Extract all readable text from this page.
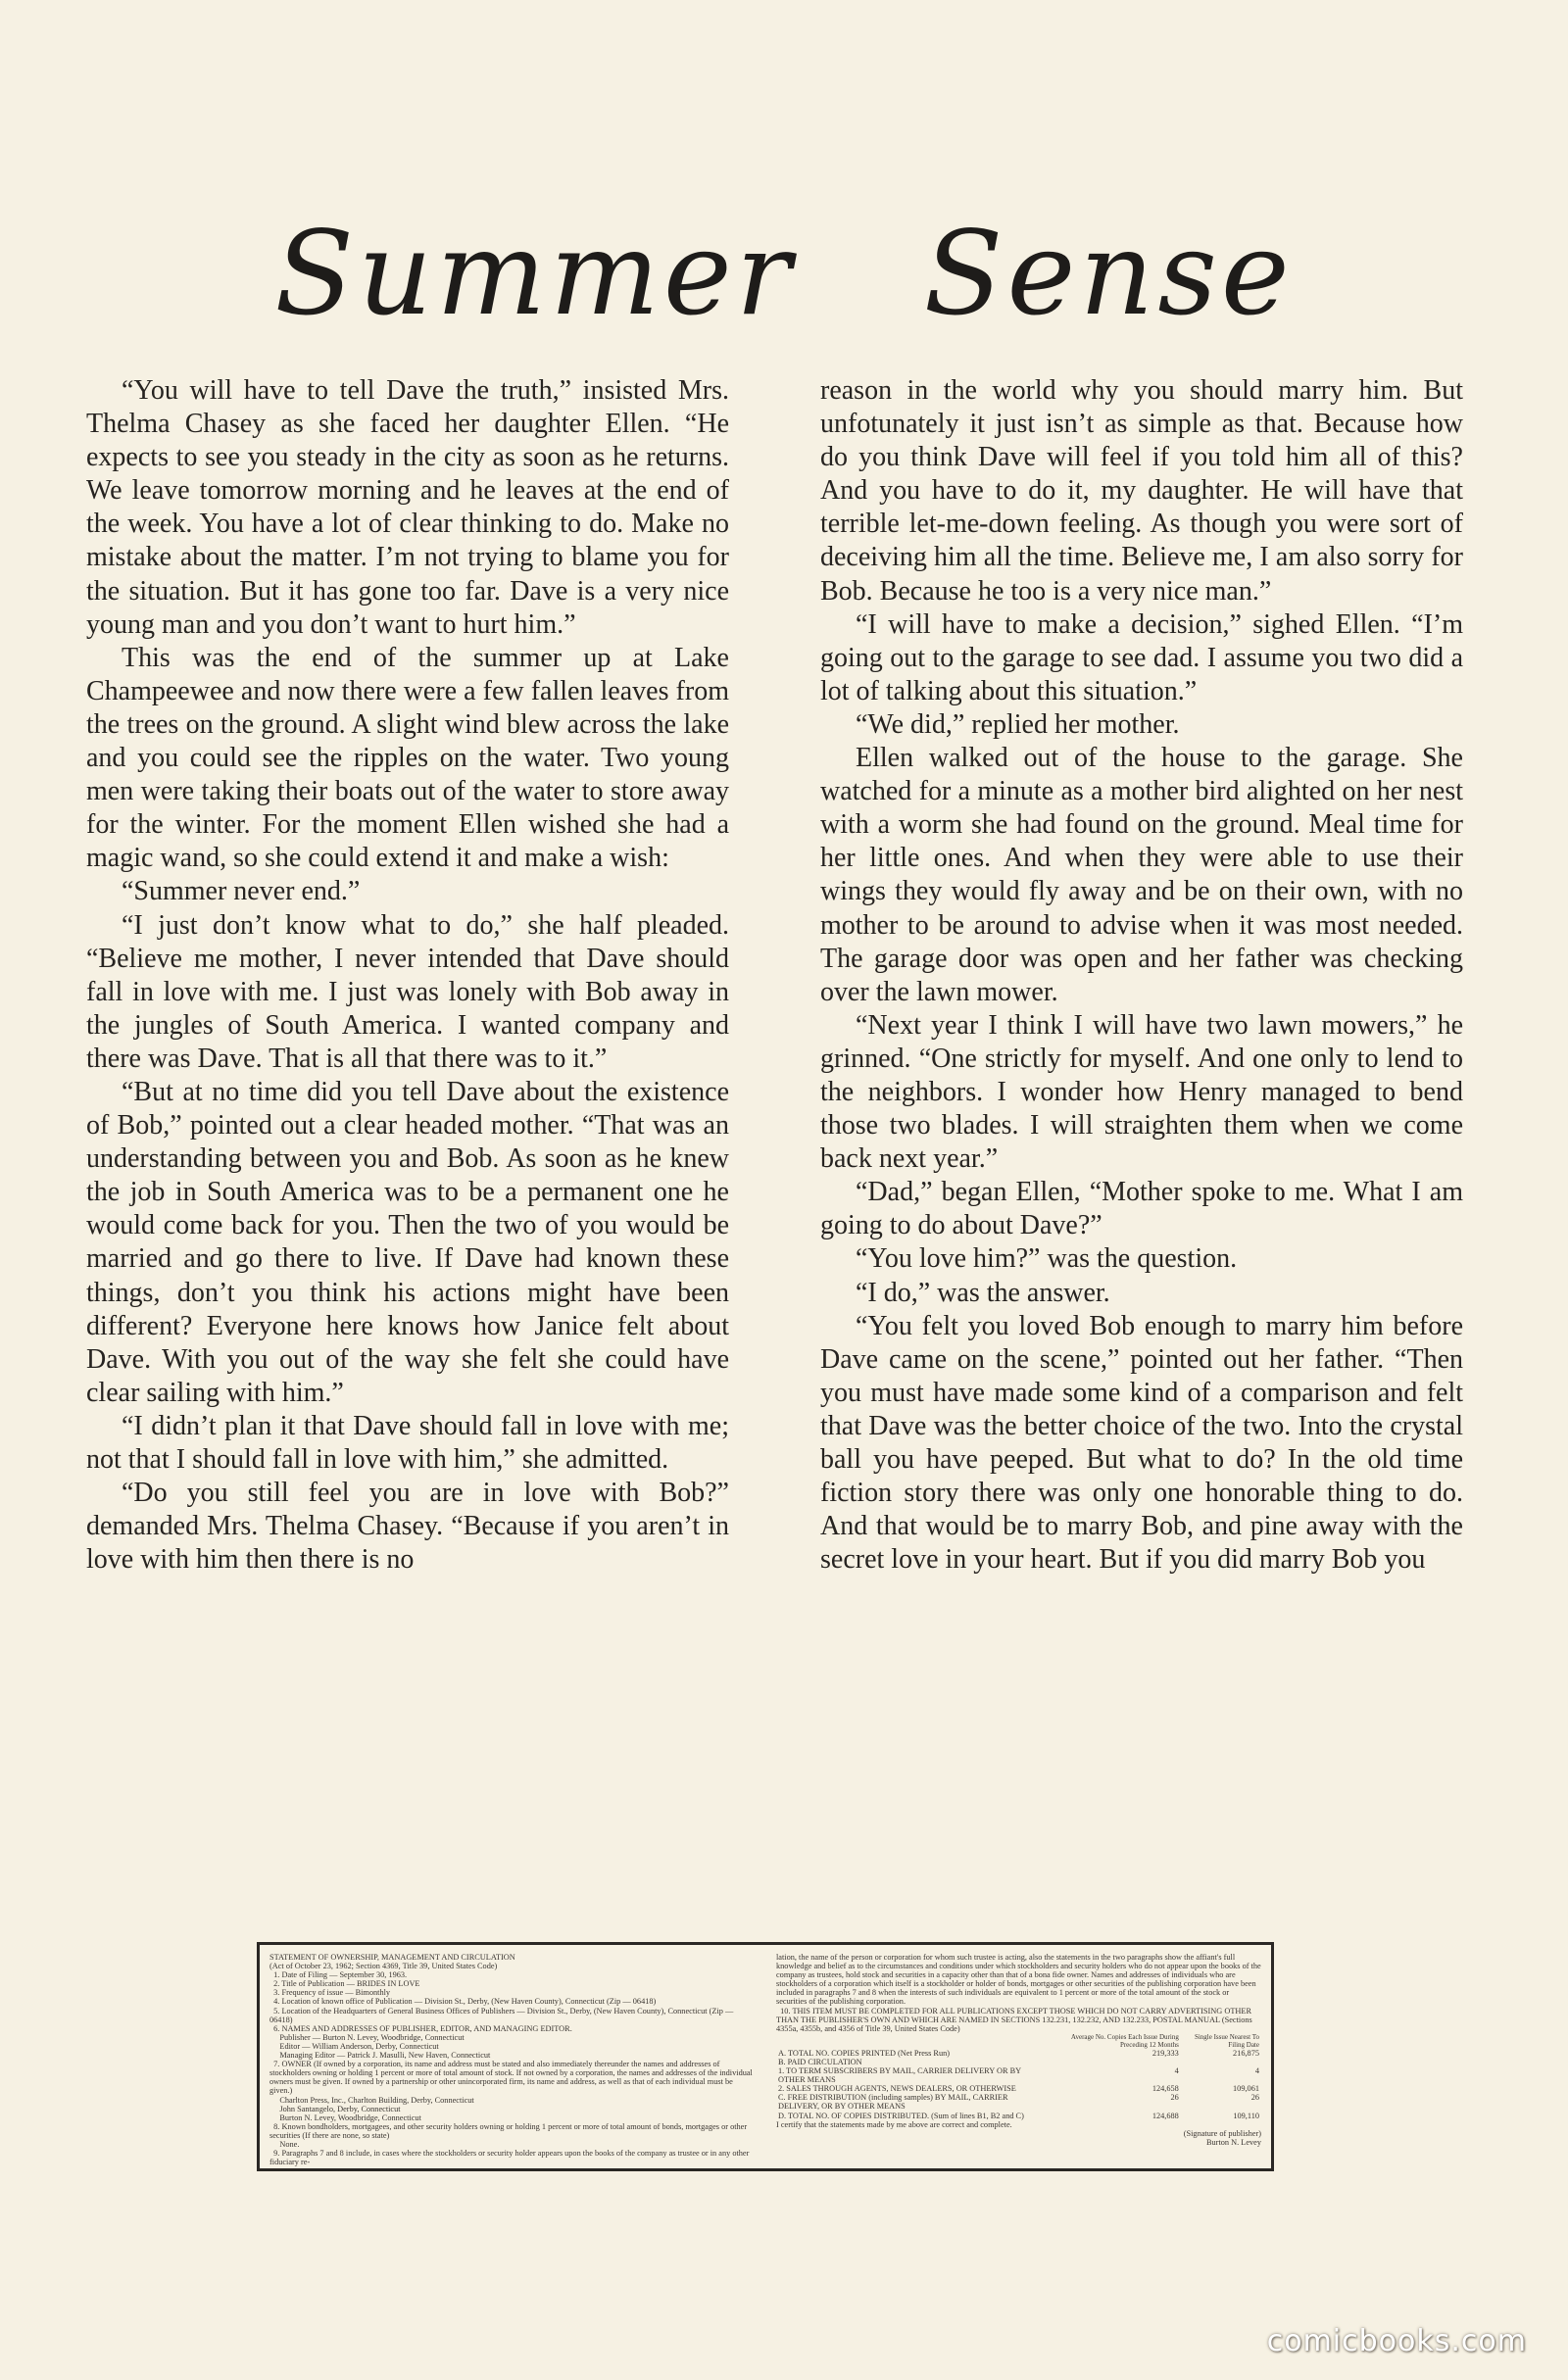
Summer Sense

“You will have to tell Dave the truth,” insisted Mrs. Thelma Chasey as she faced her daughter Ellen. “He expects to see you steady in the city as soon as he returns. We leave tomorrow morning and he leaves at the end of the week. You have a lot of clear thinking to do. Make no mistake about the matter. I’m not trying to blame you for the situation. But it has gone too far. Dave is a very nice young man and you don’t want to hurt him.”

This was the end of the summer up at Lake Champeewee and now there were a few fallen leaves from the trees on the ground. A slight wind blew across the lake and you could see the ripples on the water. Two young men were taking their boats out of the water to store away for the winter. For the moment Ellen wished she had a magic wand, so she could extend it and make a wish:

“Summer never end.”

“I just don’t know what to do,” she half pleaded. “Believe me mother, I never intended that Dave should fall in love with me. I just was lonely with Bob away in the jungles of South America. I wanted company and there was Dave. That is all that there was to it.”

“But at no time did you tell Dave about the existence of Bob,” pointed out a clear headed mother. “That was an understanding between you and Bob. As soon as he knew the job in South America was to be a permanent one he would come back for you. Then the two of you would be married and go there to live. If Dave had known these things, don’t you think his actions might have been different? Everyone here knows how Janice felt about Dave. With you out of the way she felt she could have clear sailing with him.”

“I didn’t plan it that Dave should fall in love with me; not that I should fall in love with him,” she admitted.

“Do you still feel you are in love with Bob?” demanded Mrs. Thelma Chasey. “Because if you aren’t in love with him then there is no

reason in the world why you should marry him. But unfotunately it just isn’t as simple as that. Because how do you think Dave will feel if you told him all of this? And you have to do it, my daughter. He will have that terrible let-me-down feeling. As though you were sort of deceiving him all the time. Believe me, I am also sorry for Bob. Because he too is a very nice man.”

“I will have to make a decision,” sighed Ellen. “I’m going out to the garage to see dad. I assume you two did a lot of talking about this situation.”

“We did,” replied her mother.

Ellen walked out of the house to the garage. She watched for a minute as a mother bird alighted on her nest with a worm she had found on the ground. Meal time for her little ones. And when they were able to use their wings they would fly away and be on their own, with no mother to be around to advise when it was most needed. The garage door was open and her father was checking over the lawn mower.

“Next year I think I will have two lawn mowers,” he grinned. “One strictly for myself. And one only to lend to the neighbors. I wonder how Henry managed to bend those two blades. I will straighten them when we come back next year.”

“Dad,” began Ellen, “Mother spoke to me. What I am going to do about Dave?”

“You love him?” was the question.

“I do,” was the answer.

“You felt you loved Bob enough to marry him before Dave came on the scene,” pointed out her father. “Then you must have made some kind of a comparison and felt that Dave was the better choice of the two. Into the crystal ball you have peeped. But what to do? In the old time fiction story there was only one honorable thing to do. And that would be to marry Bob, and pine away with the secret love in your heart. But if you did marry Bob you

STATEMENT OF OWNERSHIP, MANAGEMENT AND CIRCULATION
(Act of October 23, 1962; Section 4369, Title 39, United States Code)
1. Date of Filing — September 30, 1963.
2. Title of Publication — BRIDES IN LOVE
3. Frequency of issue — Bimonthly
4. Location of known office of Publication — Division St., Derby, (New Haven County), Connecticut (Zip — 06418)
5. Location of the Headquarters of General Business Offices of Publishers — Division St., Derby, (New Haven County), Connecticut (Zip — 06418)
6. NAMES AND ADDRESSES OF PUBLISHER, EDITOR, AND MANAGING EDITOR.
Publisher — Burton N. Levey, Woodbridge, Connecticut
Editor — William Anderson, Derby, Connecticut
Managing Editor — Patrick J. Masulli, New Haven, Connecticut
7. OWNER (If owned by a corporation, its name and address must be stated and also immediately thereunder the names and addresses of stockholders owning or holding 1 percent or more of total amount of stock. If not owned by a corporation, the names and addresses of the individual owners must be given. If owned by a partnership or other unincorporated firm, its name and address, as well as that of each individual must be given.)
Charlton Press, Inc., Charlton Building, Derby, Connecticut
John Santangelo, Derby, Connecticut
Burton N. Levey, Woodbridge, Connecticut
8. Known bondholders, mortgagees, and other security holders owning or holding 1 percent or more of total amount of bonds, mortgages or other securities (If there are none, so state)
None.
9. Paragraphs 7 and 8 include, in cases where the stockholders or security holder appears upon the books of the company as trustee or in any other fiduciary re-
lation, the name of the person or corporation for whom such trustee is acting, also the statements in the two paragraphs show the affiant's full knowledge and belief as to the circumstances and conditions under which stockholders and security holders who do not appear upon the books of the company as trustees, hold stock and securities in a capacity other than that of a bona fide owner. Names and addresses of individuals who are stockholders of a corporation which itself is a stockholder or holder of bonds, mortgages or other securities of the publishing corporation have been included in paragraphs 7 and 8 when the interests of such individuals are equivalent to 1 percent or more of the total amount of the stock or securities of the publishing corporation.
10. THIS ITEM MUST BE COMPLETED FOR ALL PUBLICATIONS EXCEPT THOSE WHICH DO NOT CARRY ADVERTISING OTHER THAN THE PUBLISHER'S OWN AND WHICH ARE NAMED IN SECTIONS 132.231, 132.232, AND 132.233, POSTAL MANUAL (Sections 4355a, 4355b, and 4356 of Title 39, United States Code)
	Average No. Copies Each Issue During Preceding 12 Months	Single Issue Nearest To Filing Date
A. TOTAL NO. COPIES PRINTED (Net Press Run)	219,333	216,875
B. PAID CIRCULATION		
1. TO TERM SUBSCRIBERS BY MAIL, CARRIER DELIVERY OR BY OTHER MEANS	4	4
2. SALES THROUGH AGENTS, NEWS DEALERS, OR OTHERWISE	124,658	109,061
C. FREE DISTRIBUTION (including samples) BY MAIL, CARRIER DELIVERY, OR BY OTHER MEANS	26	26
D. TOTAL NO. OF COPIES DISTRIBUTED. (Sum of lines B1, B2 and C)	124,688	109,110
I certify that the statements made by me above are correct and complete.
(Signature of publisher)
Burton N. Levey
comicbooks.com
